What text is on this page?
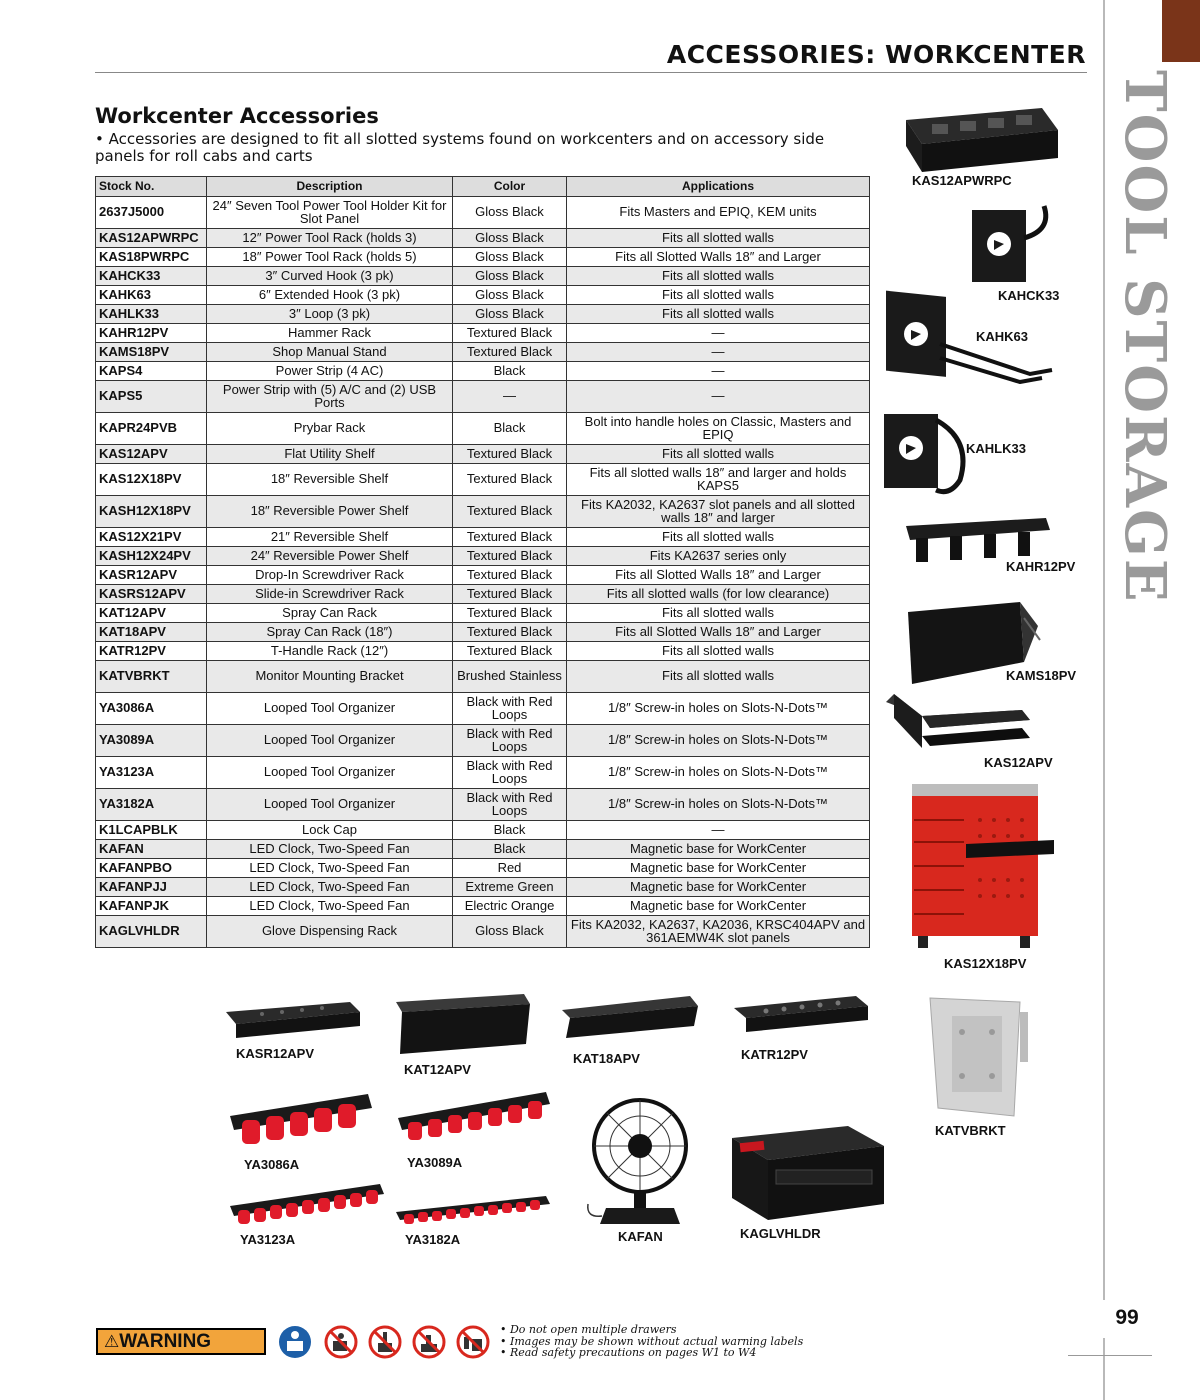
TOOL STORAGE
99
ACCESSORIES: WORKCENTER
Workcenter Accessories
• Accessories are designed to fit all slotted systems found on workcenters and on accessory side panels for roll cabs and carts
Stock No.	Description	Color	Applications
2637J5000	24″ Seven Tool Power Tool Holder Kit for Slot Panel	Gloss Black	Fits Masters and EPIQ, KEM units
KAS12APWRPC	12″ Power Tool Rack (holds 3)	Gloss Black	Fits all slotted walls
KAS18PWRPC	18″ Power Tool Rack (holds 5)	Gloss Black	Fits all Slotted Walls 18″ and Larger
KAHCK33	3″ Curved Hook (3 pk)	Gloss Black	Fits all slotted walls
KAHK63	6″ Extended Hook (3 pk)	Gloss Black	Fits all slotted walls
KAHLK33	3″ Loop (3 pk)	Gloss Black	Fits all slotted walls
KAHR12PV	Hammer Rack	Textured Black	—
KAMS18PV	Shop Manual Stand	Textured Black	—
KAPS4	Power Strip (4 AC)	Black	—
KAPS5	Power Strip with (5) A/C and (2) USB Ports	—	—
KAPR24PVB	Prybar Rack	Black	Bolt into handle holes on Classic, Masters and EPIQ
KAS12APV	Flat Utility Shelf	Textured Black	Fits all slotted walls
KAS12X18PV	18″ Reversible Shelf	Textured Black	Fits all slotted walls 18″ and larger and holds KAPS5
KASH12X18PV	18″ Reversible Power Shelf	Textured Black	Fits KA2032, KA2637 slot panels and all slotted walls 18″ and larger
KAS12X21PV	21″ Reversible Shelf	Textured Black	Fits all slotted walls
KASH12X24PV	24″ Reversible Power Shelf	Textured Black	Fits KA2637 series only
KASR12APV	Drop-In Screwdriver Rack	Textured Black	Fits all Slotted Walls 18″ and Larger
KASRS12APV	Slide-in Screwdriver Rack	Textured Black	Fits all slotted walls (for low clearance)
KAT12APV	Spray Can Rack	Textured Black	Fits all slotted walls
KAT18APV	Spray Can Rack (18″)	Textured Black	Fits all Slotted Walls 18″ and Larger
KATR12PV	T-Handle Rack (12″)	Textured Black	Fits all slotted walls
KATVBRKT	Monitor Mounting Bracket	Brushed Stainless	Fits all slotted walls
YA3086A	Looped Tool Organizer	Black with Red Loops	1/8″ Screw-in holes on Slots-N-Dots™
YA3089A	Looped Tool Organizer	Black with Red Loops	1/8″ Screw-in holes on Slots-N-Dots™
YA3123A	Looped Tool Organizer	Black with Red Loops	1/8″ Screw-in holes on Slots-N-Dots™
YA3182A	Looped Tool Organizer	Black with Red Loops	1/8″ Screw-in holes on Slots-N-Dots™
K1LCAPBLK	Lock Cap	Black	—
KAFAN	LED Clock, Two-Speed Fan	Black	Magnetic base for WorkCenter
KAFANPBO	LED Clock, Two-Speed Fan	Red	Magnetic base for WorkCenter
KAFANPJJ	LED Clock, Two-Speed Fan	Extreme Green	Magnetic base for WorkCenter
KAFANPJK	LED Clock, Two-Speed Fan	Electric Orange	Magnetic base for WorkCenter
KAGLVHLDR	Glove Dispensing Rack	Gloss Black	Fits KA2032, KA2637, KA2036, KRSC404APV and 361AEMW4K slot panels
KAS12APWRPC
KAHCK33
KAHK63
KAHLK33
KAHR12PV
KAMS18PV
KAS12APV
KAS12X18PV
KATVBRKT
KASR12APV
KAT12APV
KAT18APV	KATR12PV
YA3086A	YA3089A
YA3123A	YA3182A	KAFAN	KAGLVHLDR
⚠WARNING
• Do not open multiple drawers
• Images may be shown without actual warning labels
• Read safety precautions on pages W1 to W4
